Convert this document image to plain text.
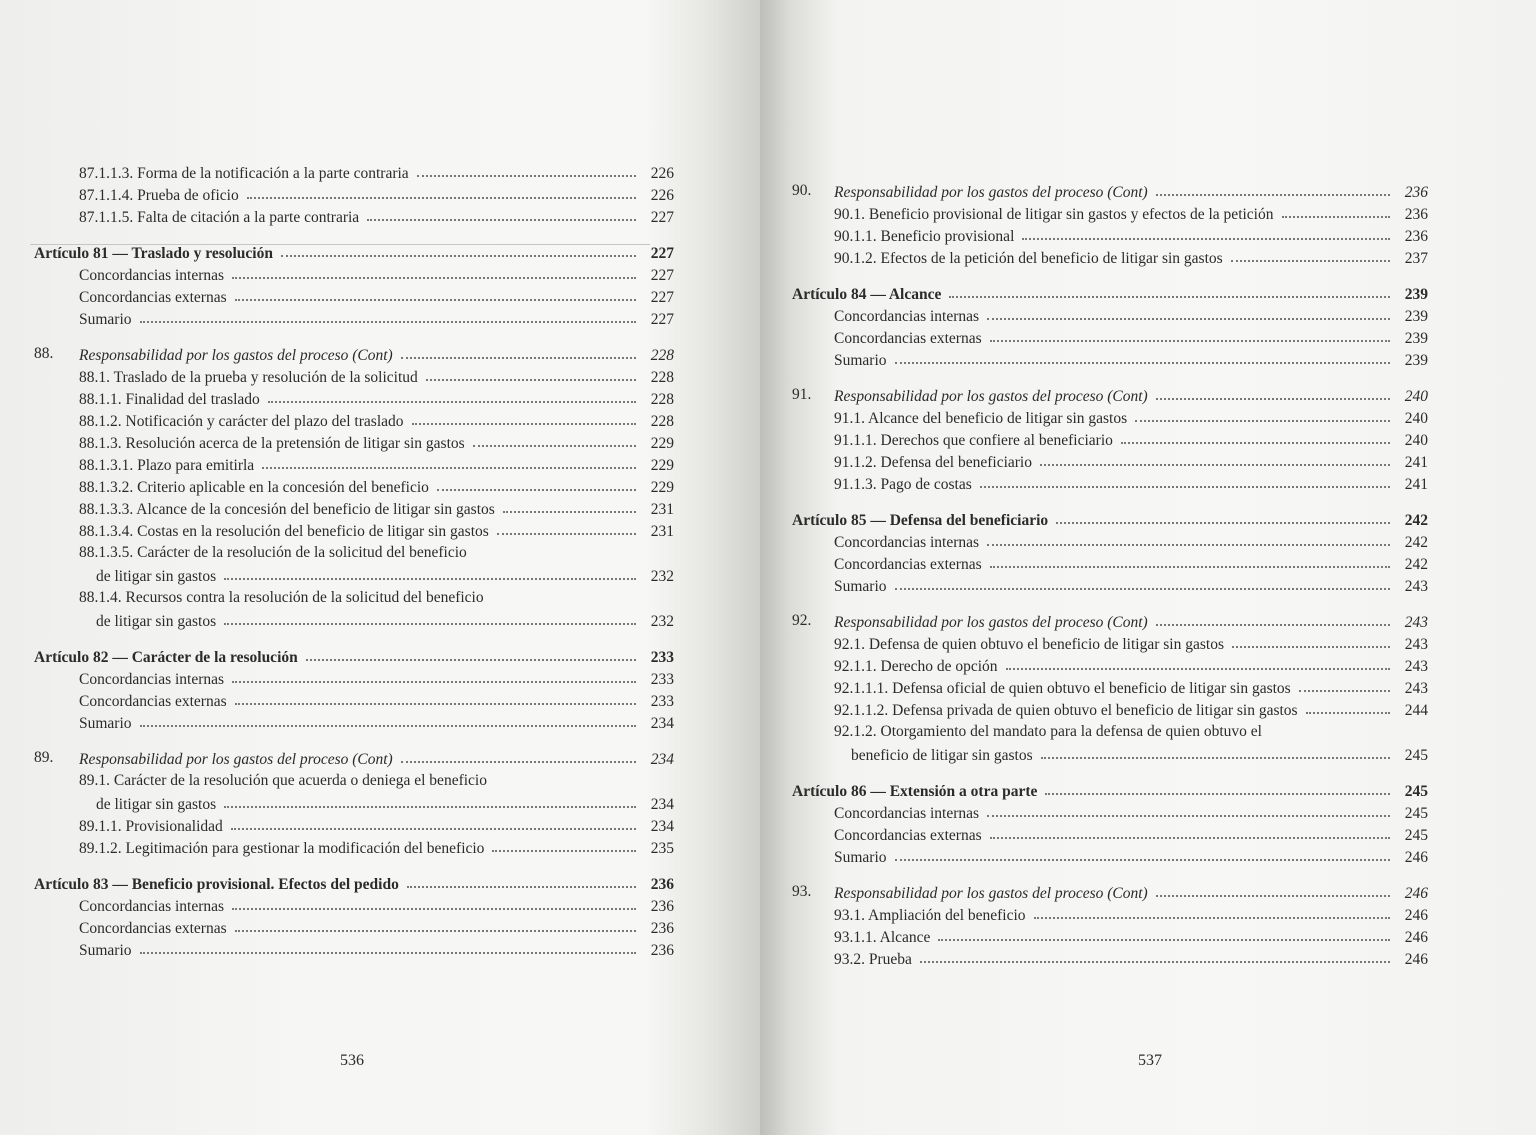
87.1.1.3. Forma de la notificación a la parte contraria	226
87.1.1.4. Prueba de oficio	226
87.1.1.5. Falta de citación a la parte contraria	227
Artículo 81 — Traslado y resolución	227
Concordancias internas	227
Concordancias externas	227
Sumario	227
88. Responsabilidad por los gastos del proceso (Cont)	228
88.1. Traslado de la prueba y resolución de la solicitud	228
88.1.1. Finalidad del traslado	228
88.1.2. Notificación y carácter del plazo del traslado	228
88.1.3. Resolución acerca de la pretensión de litigar sin gastos	229
88.1.3.1. Plazo para emitirla	229
88.1.3.2. Criterio aplicable en la concesión del beneficio	229
88.1.3.3. Alcance de la concesión del beneficio de litigar sin gastos	231
88.1.3.4. Costas en la resolución del beneficio de litigar sin gastos	231
88.1.3.5. Carácter de la resolución de la solicitud del beneficio
de litigar sin gastos	232
88.1.4. Recursos contra la resolución de la solicitud del beneficio
de litigar sin gastos	232
Artículo 82 — Carácter de la resolución	233
Concordancias internas	233
Concordancias externas	233
Sumario	234
89. Responsabilidad por los gastos del proceso (Cont)	234
89.1. Carácter de la resolución que acuerda o deniega el beneficio
de litigar sin gastos	234
89.1.1. Provisionalidad	234
89.1.2. Legitimación para gestionar la modificación del beneficio	235
Artículo 83 — Beneficio provisional. Efectos del pedido	236
Concordancias internas	236
Concordancias externas	236
Sumario	236
536
90. Responsabilidad por los gastos del proceso (Cont)	236
90.1. Beneficio provisional de litigar sin gastos y efectos de la petición	236
90.1.1. Beneficio provisional	236
90.1.2. Efectos de la petición del beneficio de litigar sin gastos	237
Artículo 84 — Alcance	239
Concordancias internas	239
Concordancias externas	239
Sumario	239
91. Responsabilidad por los gastos del proceso (Cont)	240
91.1. Alcance del beneficio de litigar sin gastos	240
91.1.1. Derechos que confiere al beneficiario	240
91.1.2. Defensa del beneficiario	241
91.1.3. Pago de costas	241
Artículo 85 — Defensa del beneficiario	242
Concordancias internas	242
Concordancias externas	242
Sumario	243
92. Responsabilidad por los gastos del proceso (Cont)	243
92.1. Defensa de quien obtuvo el beneficio de litigar sin gastos	243
92.1.1. Derecho de opción	243
92.1.1.1. Defensa oficial de quien obtuvo el beneficio de litigar sin gastos	243
92.1.1.2. Defensa privada de quien obtuvo el beneficio de litigar sin gastos	244
92.1.2. Otorgamiento del mandato para la defensa de quien obtuvo el
beneficio de litigar sin gastos	245
Artículo 86 — Extensión a otra parte	245
Concordancias internas	245
Concordancias externas	245
Sumario	246
93. Responsabilidad por los gastos del proceso (Cont)	246
93.1. Ampliación del beneficio	246
93.1.1. Alcance	246
93.2. Prueba	246
537
